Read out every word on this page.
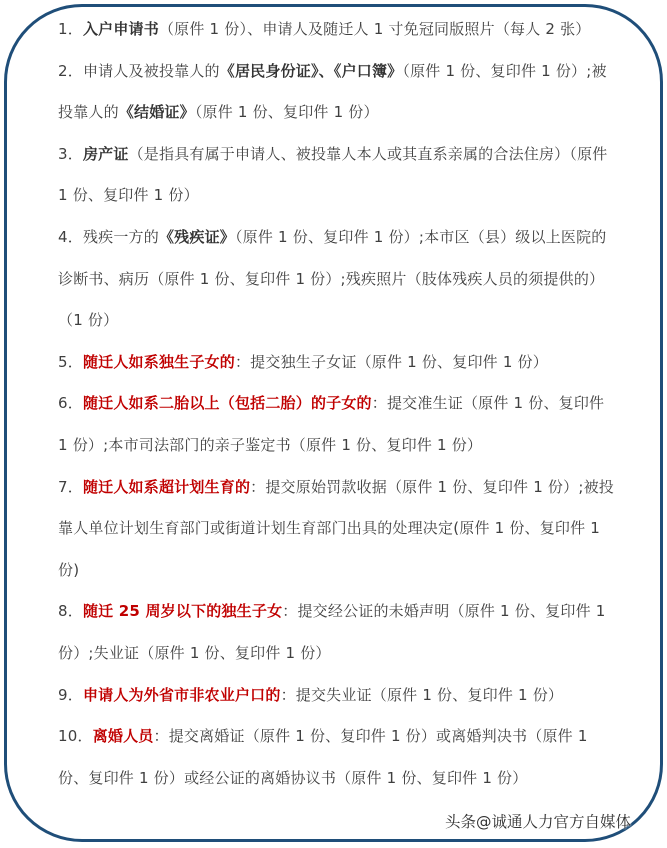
1．入户申请书（原件 1 份）、申请人及随迁人 1 寸免冠同版照片（每人 2 张）

2．申请人及被投靠人的《居民身份证》、《户口簿》（原件 1 份、复印件 1 份）;被投靠人的《结婚证》（原件 1 份、复印件 1 份）

3．房产证（是指具有属于申请人、被投靠人本人或其直系亲属的合法住房）（原件 1 份、复印件 1 份）

4．残疾一方的《残疾证》（原件 1 份、复印件 1 份）;本市区（县）级以上医院的诊断书、病历（原件 1 份、复印件 1 份）;残疾照片（肢体残疾人员的须提供的）（1 份）

5．随迁人如系独生子女的：提交独生子女证（原件 1 份、复印件 1 份）

6．随迁人如系二胎以上（包括二胎）的子女的：提交准生证（原件 1 份、复印件 1 份）;本市司法部门的亲子鉴定书（原件 1 份、复印件 1 份）

7．随迁人如系超计划生育的：提交原始罚款收据（原件 1 份、复印件 1 份）;被投靠人单位计划生育部门或街道计划生育部门出具的处理决定(原件 1 份、复印件 1 份)

8．随迁 25 周岁以下的独生子女：提交经公证的未婚声明（原件 1 份、复印件 1 份）;失业证（原件 1 份、复印件 1 份）

9．申请人为外省市非农业户口的：提交失业证（原件 1 份、复印件 1 份）

10．离婚人员：提交离婚证（原件 1 份、复印件 1 份）或离婚判决书（原件 1 份、复印件 1 份）或经公证的离婚协议书（原件 1 份、复印件 1 份）

头条@诚通人力官方自媒体
